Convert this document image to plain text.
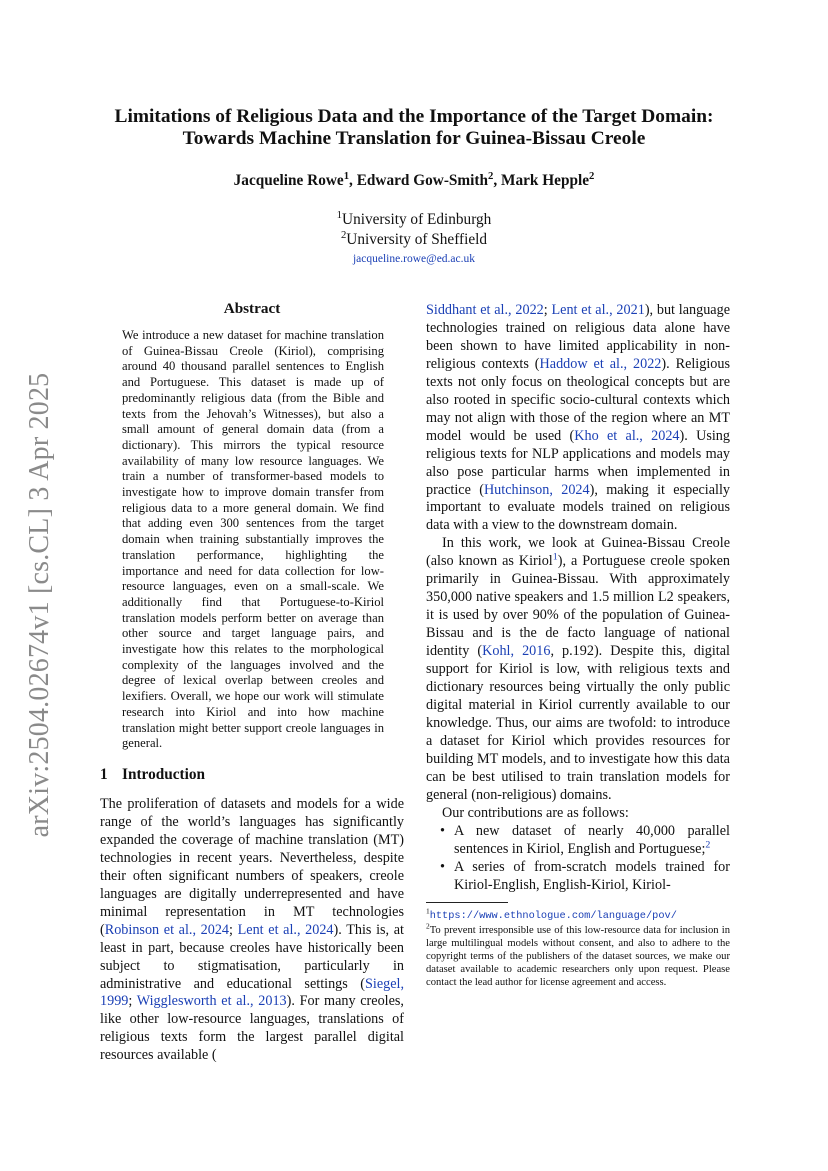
arXiv:2504.02674v1 [cs.CL] 3 Apr 2025
Limitations of Religious Data and the Importance of the Target Domain:
Towards Machine Translation for Guinea-Bissau Creole
Jacqueline Rowe$^1$, Edward Gow-Smith$^2$, Mark Hepple$^2$
$^1$University of Edinburgh
$^2$University of Sheffield
jacqueline.rowe@ed.ac.uk
Abstract

We introduce a new dataset for machine translation of Guinea-Bissau Creole (Kiriol), comprising around 40 thousand parallel sentences to English and Portuguese. This dataset is made up of predominantly religious data (from the Bible and texts from the Jehovah’s Witnesses), but also a small amount of general domain data (from a dictionary). This mirrors the typical resource availability of many low resource languages. We train a number of transformer-based models to investigate how to improve domain transfer from religious data to a more general domain. We find that adding even 300 sentences from the target domain when training substantially improves the translation performance, highlighting the importance and need for data collection for low-resource languages, even on a small-scale. We additionally find that Portuguese-to-Kiriol translation models perform better on average than other source and target language pairs, and investigate how this relates to the morphological complexity of the languages involved and the degree of lexical overlap between creoles and lexifiers. Overall, we hope our work will stimulate research into Kiriol and into how machine translation might better support creole languages in general.

1 Introduction

The proliferation of datasets and models for a wide range of the world’s languages has significantly expanded the coverage of machine translation (MT) technologies in recent years. Nevertheless, despite their often significant numbers of speakers, creole languages are digitally underrepresented and have minimal representation in MT technologies (Robinson et al., 2024; Lent et al., 2024). This is, at least in part, because creoles have historically been subject to stigmatisation, particularly in administrative and educational settings (Siegel, 1999; Wigglesworth et al., 2013). For many creoles, like other low-resource languages, translations of religious texts form the largest parallel digital resources available (

Siddhant et al., 2022; Lent et al., 2021), but language technologies trained on religious data alone have been shown to have limited applicability in non-religious contexts (Haddow et al., 2022). Religious texts not only focus on theological concepts but are also rooted in specific socio-cultural contexts which may not align with those of the region where an MT model would be used (Kho et al., 2024). Using religious texts for NLP applications and models may also pose particular harms when implemented in practice (Hutchinson, 2024), making it especially important to evaluate models trained on religious data with a view to the downstream domain.

In this work, we look at Guinea-Bissau Creole (also known as Kiriol$^1$), a Portuguese creole spoken primarily in Guinea-Bissau. With approximately 350,000 native speakers and 1.5 million L2 speakers, it is used by over 90% of the population of Guinea-Bissau and is the de facto language of national identity (Kohl, 2016, p.192). Despite this, digital support for Kiriol is low, with religious texts and dictionary resources being virtually the only public digital material in Kiriol currently available to our knowledge. Thus, our aims are twofold: to introduce a dataset for Kiriol which provides resources for building MT models, and to investigate how this data can be best utilised to train translation models for general (non-religious) domains.

Our contributions are as follows:

• A new dataset of nearly 40,000 parallel sentences in Kiriol, English and Portuguese;$^2$
• A series of from-scratch models trained for Kiriol-English, English-Kiriol, Kiriol-

$^1$https://www.ethnologue.com/language/pov/

$^2$To prevent irresponsible use of this low-resource data for inclusion in large multilingual models without consent, and also to adhere to the copyright terms of the publishers of the dataset sources, we make our dataset available to academic researchers only upon request. Please contact the lead author for license agreement and access.
